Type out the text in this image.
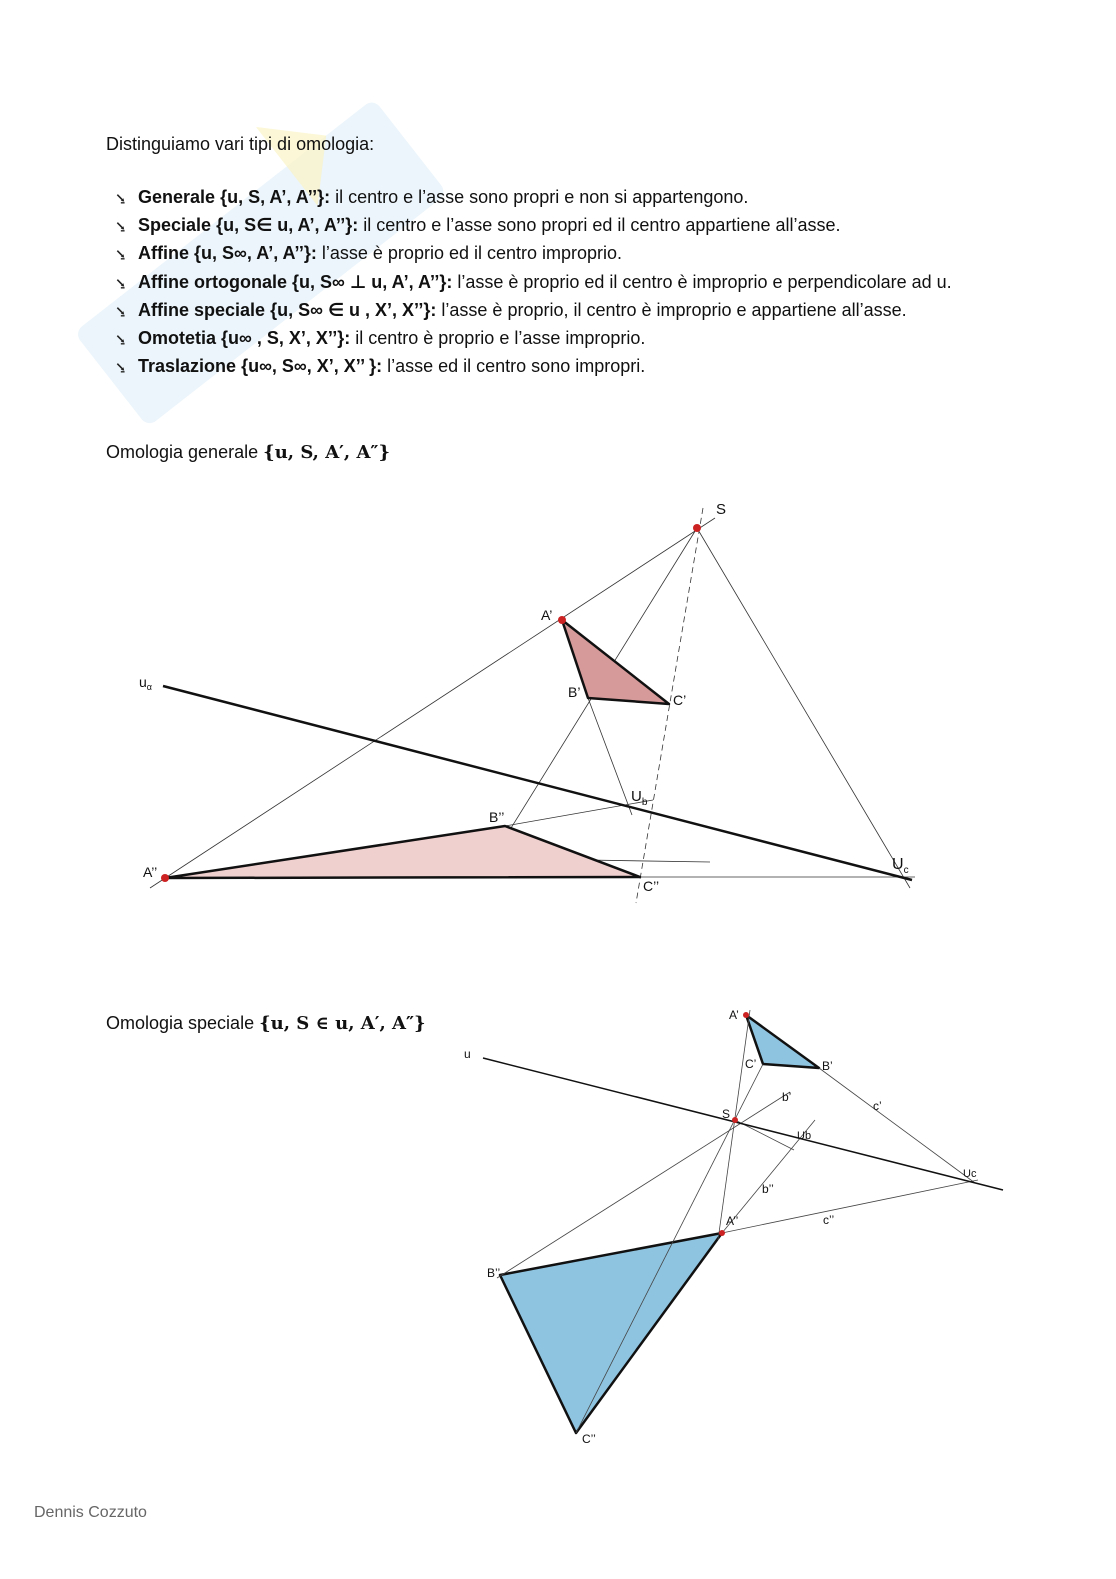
Distinguiamo vari tipi di omologia:
⭸ Generale {u, S, A’, A’’}: il centro e l’asse sono propri e non si appartengono.
⭸ Speciale {u, S∈ u, A’, A’’}: il centro e l’asse sono propri ed il centro appartiene all’asse.
⭸ Affine {u, S∞, A’, A’’}: l’asse è proprio ed il centro improprio.
⭸ Affine ortogonale {u, S∞ ⊥ u, A’, A’’}: l’asse è proprio ed il centro è improprio e perpendicolare ad u.
⭸ Affine speciale {u, S∞ ∈ u , X’, X’’}: l’asse è proprio, il centro è improprio e appartiene all’asse.
⭸ Omotetia {u∞ , S, X’, X’’}: il centro è proprio e l’asse improprio.
⭸ Traslazione {u∞, S∞, X’, X’’ }: l’asse ed il centro sono impropri.
Omologia generale {u, S, A′, A″}
S
A’
B’	C’
$u_\alpha$
$U_b$
B’’
A’’
C’’
$U_c$
Omologia speciale {u, S ∈ u, A′, A″}	A’
C’	B’
u
b’
c’
S
Ub
Uc
b’’
A’’	c’’
B’’
C’’
Dennis Cozzuto
